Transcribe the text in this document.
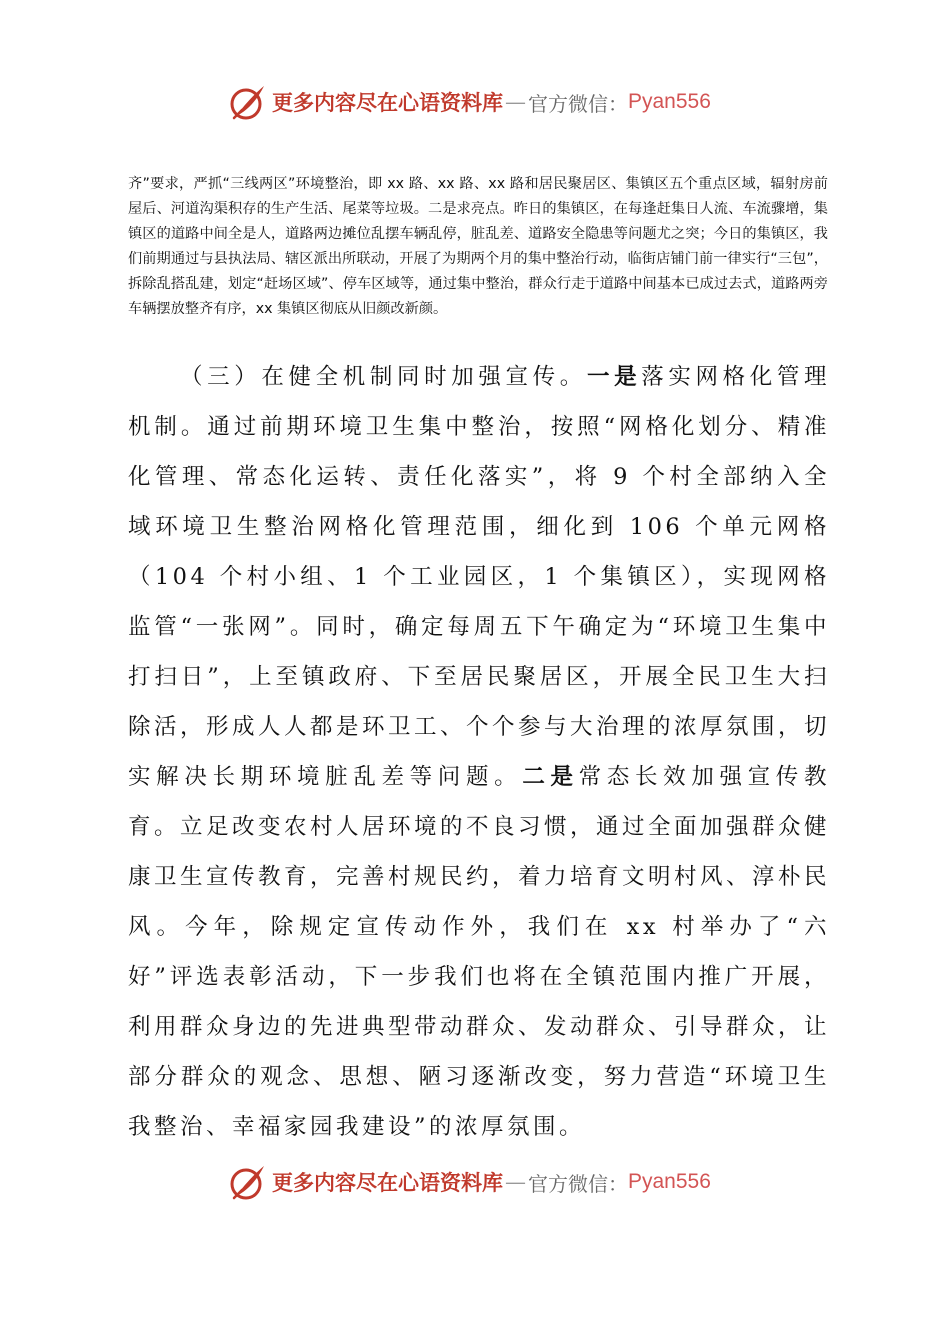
更多内容尽在心语资料库 — 官方微信： Pyan556

齐”要求，严抓“三线两区”环境整治，即 xx 路、xx 路、xx 路和居民聚居区、集镇区五个重点区域，辐射房前屋后、河道沟渠积存的生产生活、尾菜等垃圾。二是求亮点。昨日的集镇区，在每逢赶集日人流、车流骤增，集镇区的道路中间全是人，道路两边摊位乱摆车辆乱停，脏乱差、道路安全隐患等问题尤之突；今日的集镇区，我们前期通过与县执法局、辖区派出所联动，开展了为期两个月的集中整治行动，临街店铺门前一律实行“三包”，拆除乱搭乱建，划定“赶场区域”、停车区域等，通过集中整治，群众行走于道路中间基本已成过去式，道路两旁车辆摆放整齐有序，xx 集镇区彻底从旧颜改新颜。

（三）在健全机制同时加强宣传。一是落实网格化管理机制。通过前期环境卫生集中整治，按照“网格化划分、精准化管理、常态化运转、责任化落实”，将 9 个村全部纳入全域环境卫生整治网格化管理范围，细化到 106 个单元网格（104 个村小组、1 个工业园区，1 个集镇区），实现网格监管“一张网”。同时，确定每周五下午确定为“环境卫生集中打扫日”，上至镇政府、下至居民聚居区，开展全民卫生大扫除活，形成人人都是环卫工、个个参与大治理的浓厚氛围，切实解决长期环境脏乱差等问题。二是常态长效加强宣传教育。立足改变农村人居环境的不良习惯，通过全面加强群众健康卫生宣传教育，完善村规民约，着力培育文明村风、淳朴民风。今年，除规定宣传动作外，我们在 xx 村举办了“六好”评选表彰活动，下一步我们也将在全镇范围内推广开展，利用群众身边的先进典型带动群众、发动群众、引导群众，让部分群众的观念、思想、陋习逐渐改变，努力营造“环境卫生我整治、幸福家园我建设”的浓厚氛围。

更多内容尽在心语资料库 — 官方微信： Pyan556
